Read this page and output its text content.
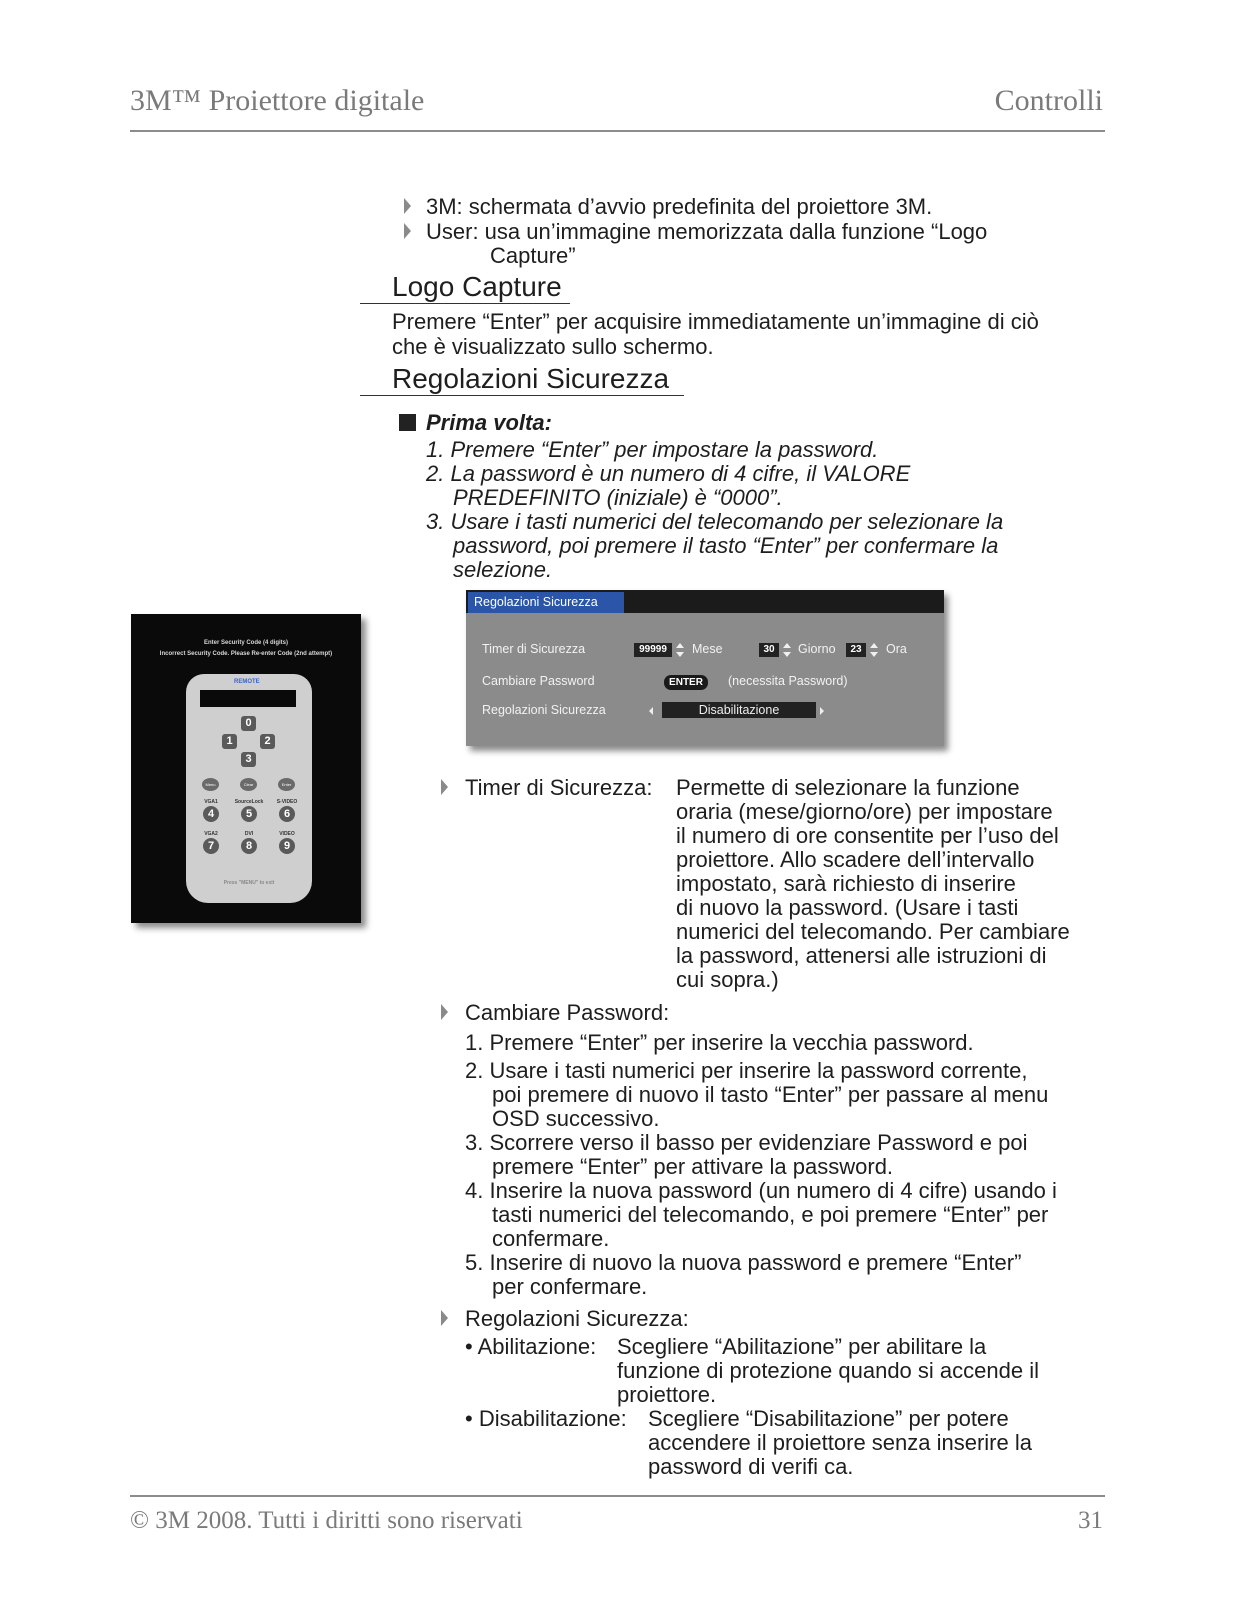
3M™ Proiettore digitale	Controlli
3M: schermata d’avvio predefinita del proiettore 3M.
User: usa un’immagine memorizzata dalla funzione “Logo
Capture”
Logo Capture
Premere “Enter” per acquisire immediatamente un’immagine di ciò
che è visualizzato sullo schermo.
Regolazioni Sicurezza
Prima volta:
1. Premere “Enter” per impostare la password.
2. La password è un numero di 4 cifre, il VALORE
PREDEFINITO (iniziale) è “0000”.
3. Usare i tasti numerici del telecomando per selezionare la
password, poi premere il tasto “Enter” per confermare la
selezione.
Regolazioni Sicurezza
Timer di Sicurezza	99999	Mese	30	Giorno	23	Ora
Cambiare Password	ENTER	(necessita Password)
Regolazioni Sicurezza	Disabilitazione
Enter Security Code (4 digits)
Incorrect Security Code. Please Re-enter Code (2nd attempt)
REMOTE
0
1	2
3
Menu	Clear	Enter
VGA1	SourceLock	S-VIDEO
4	5	6
VGA2	DVI	VIDEO
7	8	9
Press "MENU" to exit
Timer di Sicurezza: Permette di selezionare la funzione
oraria (mese/giorno/ore) per impostare
il numero di ore consentite per l’uso del
proiettore. Allo scadere dell’intervallo
impostato, sarà richiesto di inserire
di nuovo la password. (Usare i tasti
numerici del telecomando. Per cambiare
la password, attenersi alle istruzioni di
cui sopra.)
Cambiare Password:
1. Premere “Enter” per inserire la vecchia password.
2. Usare i tasti numerici per inserire la password corrente,
poi premere di nuovo il tasto “Enter” per passare al menu
OSD successivo.
3. Scorrere verso il basso per evidenziare Password e poi
premere “Enter” per attivare la password.
4. Inserire la nuova password (un numero di 4 cifre) usando i
tasti numerici del telecomando, e poi premere “Enter” per
confermare.
5. Inserire di nuovo la nuova password e premere “Enter”
per confermare.
Regolazioni Sicurezza:
• Abilitazione: Scegliere “Abilitazione” per abilitare la
funzione di protezione quando si accende il
proiettore.
• Disabilitazione: Scegliere “Disabilitazione” per potere
accendere il proiettore senza inserire la
password di verifi ca.
© 3M 2008. Tutti i diritti sono riservati	31
